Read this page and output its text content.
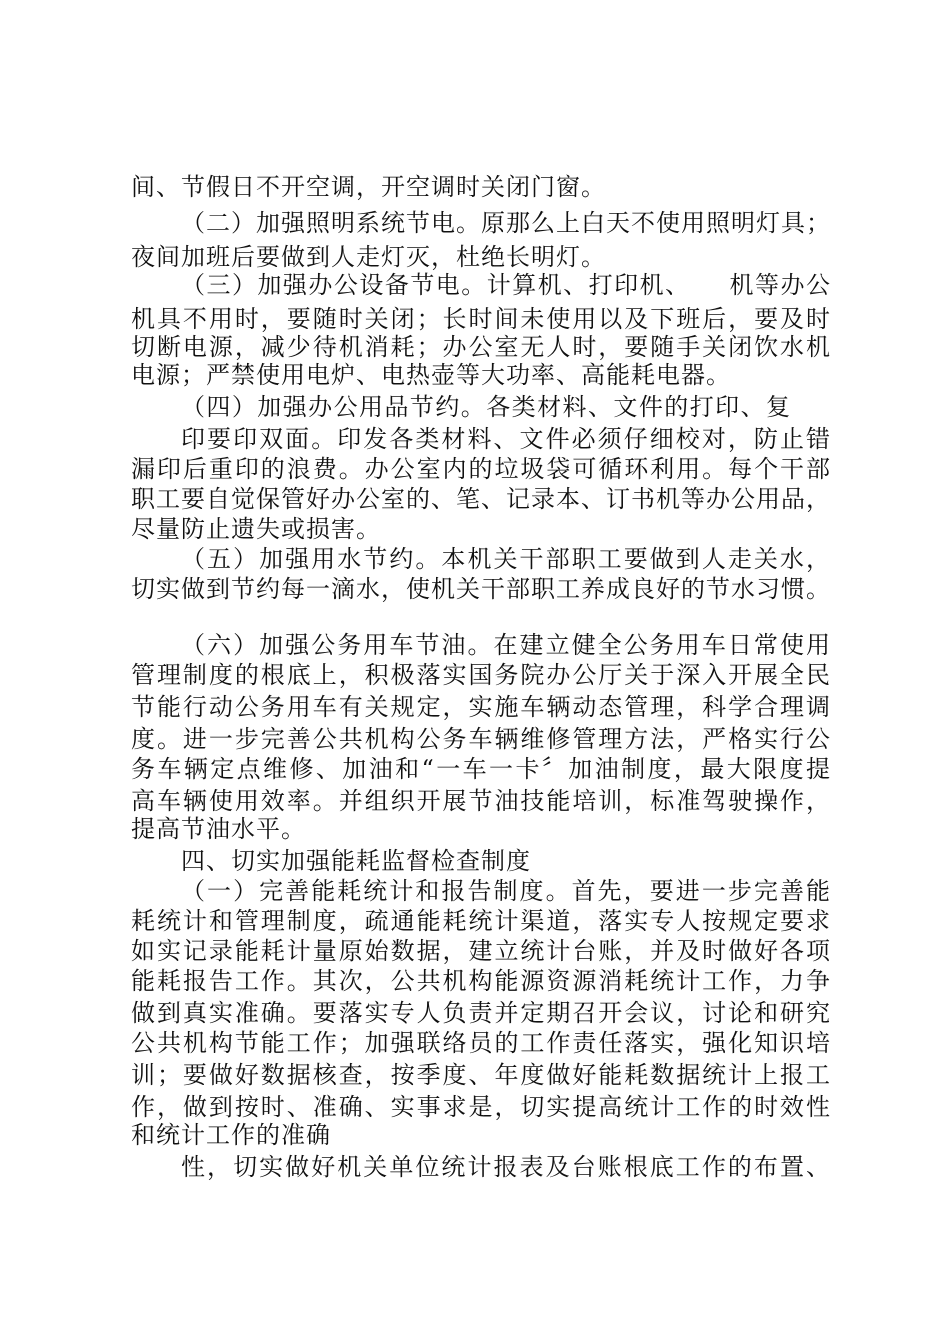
间、节假日不开空调，开空调时关闭门窗。
（二）加强照明系统节电。原那么上白天不使用照明灯具；
夜间加班后要做到人走灯灭，杜绝长明灯。
（三）加强办公设备节电。计算机、打印机、　　机等办公
机具不用时，要随时关闭；长时间未使用以及下班后，要及时
切断电源，减少待机消耗；办公室无人时，要随手关闭饮水机
电源；严禁使用电炉、电热壶等大功率、高能耗电器。
（四）加强办公用品节约。各类材料、文件的打印、复
印要印双面。印发各类材料、文件必须仔细校对，防止错
漏印后重印的浪费。办公室内的垃圾袋可循环利用。每个干部
职工要自觉保管好办公室的、笔、记录本、订书机等办公用品，
尽量防止遗失或损害。
（五）加强用水节约。本机关干部职工要做到人走关水，
切实做到节约每一滴水，使机关干部职工养成良好的节水习惯。
（六）加强公务用车节油。在建立健全公务用车日常使用
管理制度的根底上，积极落实国务院办公厅关于深入开展全民
节能行动公务用车有关规定，实施车辆动态管理，科学合理调
度。进一步完善公共机构公务车辆维修管理方法，严格实行公
务车辆定点维修、加油和“一车一卡〞加油制度，最大限度提
高车辆使用效率。并组织开展节油技能培训，标准驾驶操作，
提高节油水平。
四、切实加强能耗监督检查制度
（一）完善能耗统计和报告制度。首先，要进一步完善能
耗统计和管理制度，疏通能耗统计渠道，落实专人按规定要求
如实记录能耗计量原始数据，建立统计台账，并及时做好各项
能耗报告工作。其次，公共机构能源资源消耗统计工作，力争
做到真实准确。要落实专人负责并定期召开会议，讨论和研究
公共机构节能工作；加强联络员的工作责任落实，强化知识培
训；要做好数据核查，按季度、年度做好能耗数据统计上报工
作，做到按时、准确、实事求是，切实提高统计工作的时效性
和统计工作的准确
性，切实做好机关单位统计报表及台账根底工作的布置、
